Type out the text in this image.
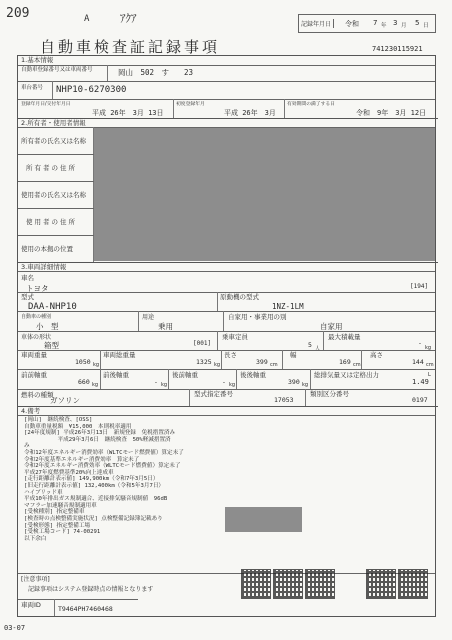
209	A	ｱｸｱ	記録年月日	令和 7 年 3 月 5 日
自動車検査証記録事項	741230115921
1.基本情報
自動車登録番号又は車両番号	岡山　502　す　　23
車台番号 NHP10-6270300
登録年月日/交付年月日
平成 26年　3月 13日
初度登録年月
平成 26年　3月
有効期間の満了する日
令和　9年　3月 12日
2.所有者・使用者情報
所有者の氏名又は名称
所有者の住所
使用者の氏名又は名称
使用者の住所
使用の本拠の位置
3.車両詳細情報
車名
トヨタ	[194]
型式
DAA-NHP10
原動機の型式
1NZ-1LM
自動車の種別
小　型
用途
乗用
自家用・事業用の別
自家用
車体の形状
箱型	[001]
乗車定員
5 人
最大積載量
-
kg
車両重量
1050 kg
車両総重量
1325 kg
長さ
399 cm
幅
169 cm
高さ
144 cm
前前軸重
660 kg
前後軸重
- kg
後前軸重
- kg
後後軸重
390 kg
総排気量又は定格出力
1.49
L
燃料の種類
ガソリン
型式指定番号
17053
類別区分番号
0197
4.備考
[岡山]　継続検査、[OSS]
自動車重量税額　¥15,000　本則税率適用
[24年度規制] 平成26年3月13日　新規登録　免税措置済み
　　　　　　平成29年3月6日　継続検査　50%軽減措置済
み
令和12年度エネルギー消費効率（WLTCモード燃費値）算定未了
令和2年度基準エネルギー消費効率　算定未了
令和2年度エネルギー消費効率（WLTCモード燃費値）算定未了
平成27年度燃費基準20%向上達成車
[走行距離計表示値] 149,900km（令和7年3月5日）
[旧走行距離計表示値] 132,400km（令和5年3月7日）
ハイブリッド車
平成10年排出ガス規制適合、近接排気騒音規制値　96dB
マフラー加速騒音規制適用車
[受検種別] 指定整備車
[検査時の点検整備実施状況] 点検整備記録簿記載あり
[受検形態] 指定整備工場
[受検工場コード] 74-00291
以下余白
[注意事項]
記録事項はシステム登録時点の情報となります
車両ID	T9464PH7460468
03-07
